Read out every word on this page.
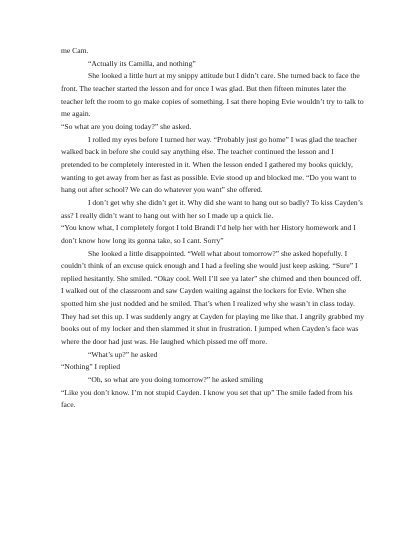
me Cam.

“Actually its Camilla, and nothing”

She looked a little hurt at my snippy attitude but I didn’t care. She turned back to face the front. The teacher started the lesson and for once I was glad. But then fifteen minutes later the teacher left the room to go make copies of something. I sat there hoping Evie wouldn’t try to talk to me again.

“So what are you doing today?” she asked.

I rolled my eyes before I turned her way. “Probably just go home” I was glad the teacher walked back in before she could say anything else. The teacher continued the lesson and I pretended to be completely interested in it. When the lesson ended I gathered my books quickly, wanting to get away from her as fast as possible. Evie stood up and blocked me. “Do you want to hang out after school? We can do whatever you want” she offered.

I don’t get why she didn’t get it. Why did she want to hang out so badly? To kiss Cayden’s ass? I really didn’t want to hang out with her so I made up a quick lie.

“You know what, I completely forgot I told Brandi I’d help her with her History homework and I don’t know how long its gonna take, so I cant. Sorry”

She looked a little disappointed. “Well what about tomorrow?” she asked hopefully. I couldn’t think of an excuse quick enough and I had a feeling she would just keep asking. “Sure” I replied hesitantly. She smiled. “Okay cool. Well I’ll see ya later” she chimed and then bounced off. I walked out of the classroom and saw Cayden waiting against the lockers for Evie. When she spotted him she just nodded and he smiled. That’s when I realized why she wasn’t in class today. They had set this up. I was suddenly angry at Cayden for playing me like that. I angrily grabbed my books out of my locker and then slammed it shut in frustration. I jumped when Cayden’s face was where the door had just was. He laughed which pissed me off more.

“What’s up?” he asked

“Nothing” I replied

“Oh, so what are you doing tomorrow?” he asked smiling

“Like you don’t know. I’m not stupid Cayden. I know you set that up” The smile faded from his face.
